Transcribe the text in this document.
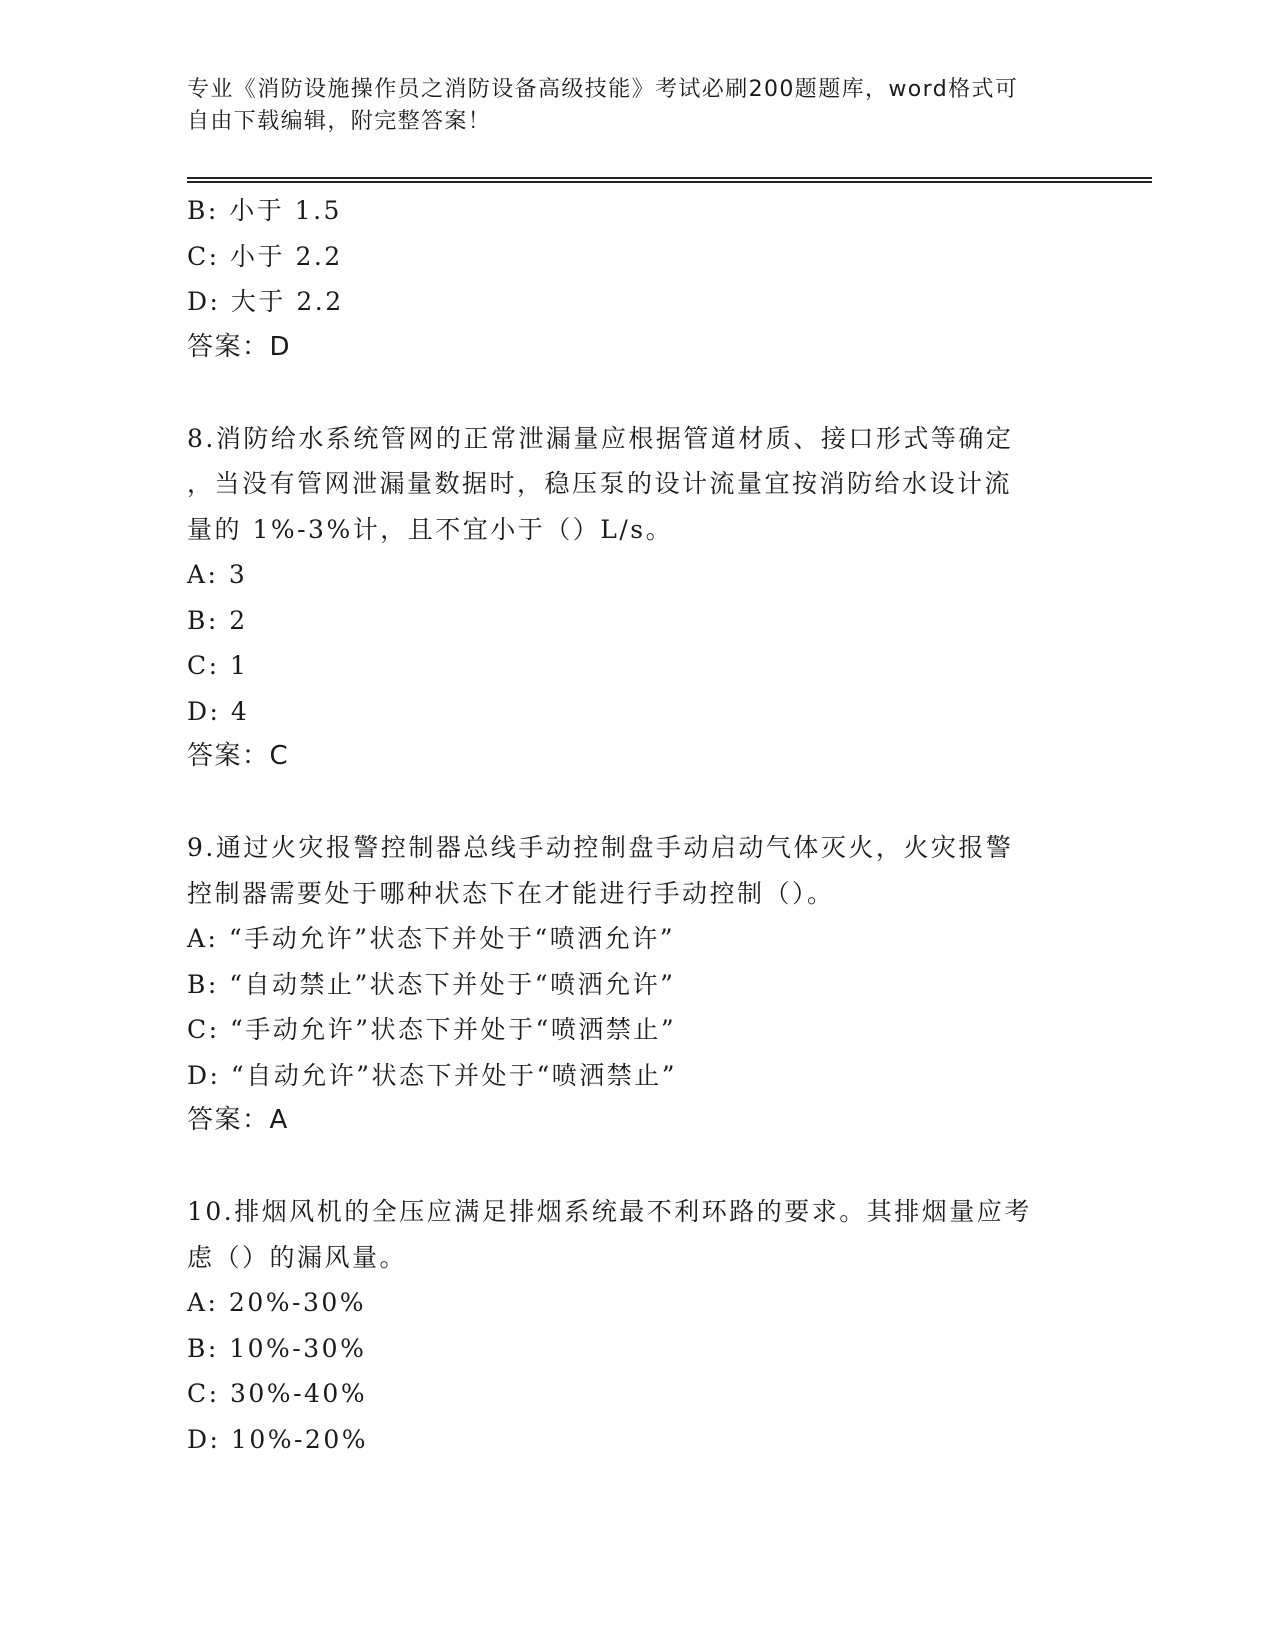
专业《消防设施操作员之消防设备高级技能》考试必刷200题题库，word格式可
自由下载编辑，附完整答案！
B: 小于 1.5
C: 小于 2.2
D: 大于 2.2
答案：D
8.消防给水系统管网的正常泄漏量应根据管道材质、接口形式等确定
，当没有管网泄漏量数据时，稳压泵的设计流量宜按消防给水设计流
量的 1%-3%计，且不宜小于（）L/s。
A: 3
B: 2
C: 1
D: 4
答案：C
9.通过火灾报警控制器总线手动控制盘手动启动气体灭火，火灾报警
控制器需要处于哪种状态下在才能进行手动控制（）。
A: “手动允许”状态下并处于“喷洒允许”
B: “自动禁止”状态下并处于“喷洒允许”
C: “手动允许”状态下并处于“喷洒禁止”
D: “自动允许”状态下并处于“喷洒禁止”
答案：A
10.排烟风机的全压应满足排烟系统最不利环路的要求。其排烟量应考
虑（）的漏风量。
A: 20%-30%
B: 10%-30%
C: 30%-40%
D: 10%-20%
